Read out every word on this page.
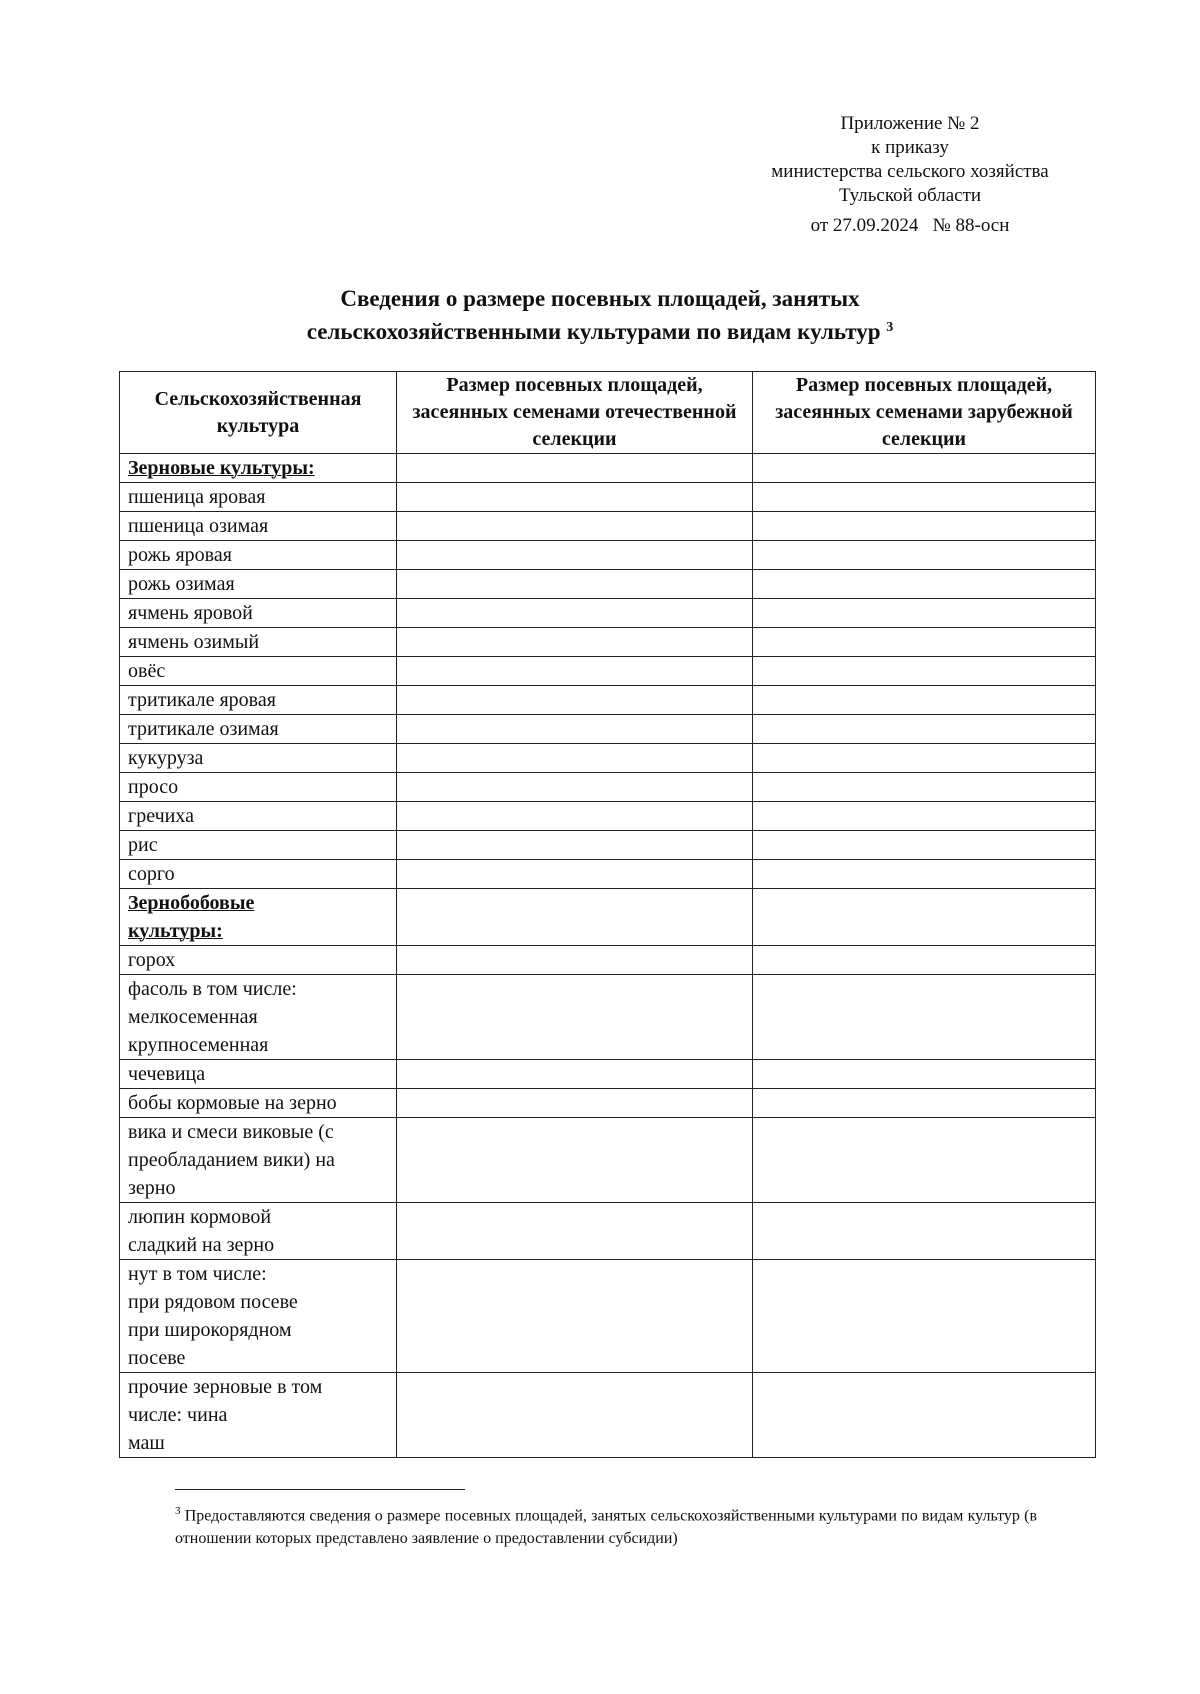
Приложение № 2
к приказу
министерства сельского хозяйства
Тульской области
от 27.09.2024   № 88-осн
Сведения о размере посевных площадей, занятых
сельскохозяйственными культурами по видам культур $^3$
Сельскохозяйственная культура	Размер посевных площадей, засеянных семенами отечественной селекции	Размер посевных площадей, засеянных семенами зарубежной селекции

Зерновые культуры:		

пшеница яровая		

пшеница озимая		

рожь яровая		

рожь озимая		

ячмень яровой		

ячмень озимый		

овёс		

тритикале яровая		

тритикале озимая		

кукуруза		

просо		

гречиха		

рис		

сорго		

Зернобобовые
культуры:		

горох		

фасоль в том числе:
мелкосеменная
крупносеменная		

чечевица		

бобы кормовые на зерно		

вика и смеси виковые (с
преобладанием вики) на
зерно		

люпин кормовой
сладкий на зерно		

нут в том числе:
при рядовом посеве
при широкорядном
посеве		

прочие зерновые в том
числе: чина
маш		

$^3$ Предоставляются сведения о размере посевных площадей, занятых сельскохозяйственными культурами по видам культур (в отношении которых представлено заявление о предоставлении субсидии)
